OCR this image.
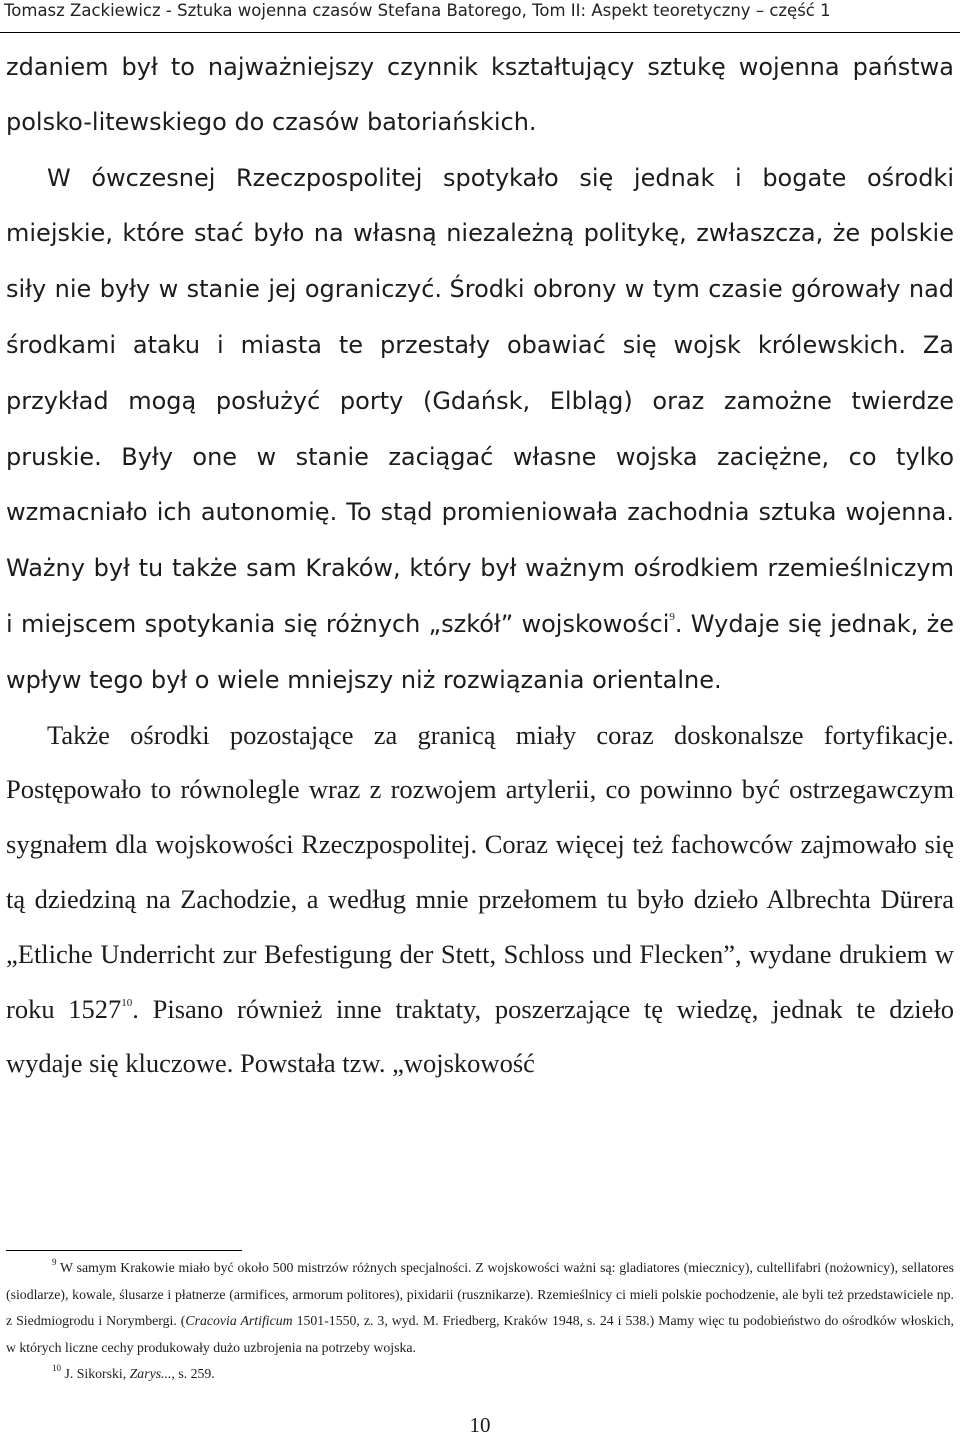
Tomasz Zackiewicz - Sztuka wojenna czasów Stefana Batorego, Tom II: Aspekt teoretyczny – część 1

zdaniem był to najważniejszy czynnik kształtujący sztukę wojenna państwa polsko-litewskiego do czasów batoriańskich.

W ówczesnej Rzeczpospolitej spotykało się jednak i bogate ośrodki miejskie, które stać było na własną niezależną politykę, zwłaszcza, że polskie siły nie były w stanie jej ograniczyć. Środki obrony w tym czasie górowały nad środkami ataku i miasta te przestały obawiać się wojsk królewskich. Za przykład mogą posłużyć porty (Gdańsk, Elbląg) oraz zamożne twierdze pruskie. Były one w stanie zaciągać własne wojska zaciężne, co tylko wzmacniało ich autonomię. To stąd promieniowała zachodnia sztuka wojenna. Ważny był tu także sam Kraków, który był ważnym ośrodkiem rzemieślniczym i miejscem spotykania się różnych „szkół” wojskowości$^9$. Wydaje się jednak, że wpływ tego był o wiele mniejszy niż rozwiązania orientalne.

Także ośrodki pozostające za granicą miały coraz doskonalsze fortyfikacje. Postępowało to równolegle wraz z rozwojem artylerii, co powinno być ostrzegawczym sygnałem dla wojskowości Rzeczpospolitej. Coraz więcej też fachowców zajmowało się tą dziedziną na Zachodzie, a według mnie przełomem tu było dzieło Albrechta Dürera „Etliche Underricht zur Befestigung der Stett, Schloss und Flecken”, wydane drukiem w roku 1527$^{10}$. Pisano również inne traktaty, poszerzające tę wiedzę, jednak te dzieło wydaje się kluczowe. Powstała tzw. „wojskowość

$^9$ W samym Krakowie miało być około 500 mistrzów różnych specjalności. Z wojskowości ważni są: gladiatores (miecznicy), cultellifabri (nożownicy), sellatores (siodlarze), kowale, ślusarze i płatnerze (armifices, armorum politores), pixidarii (rusznikarze). Rzemieślnicy ci mieli polskie pochodzenie, ale byli też przedstawiciele np. z Siedmiogrodu i Norymbergi. (Cracovia Artificum 1501-1550, z. 3, wyd. M. Friedberg, Kraków 1948, s. 24 i 538.) Mamy więc tu podobieństwo do ośrodków włoskich, w których liczne cechy produkowały dużo uzbrojenia na potrzeby wojska.

$^{10}$ J. Sikorski, Zarys..., s. 259.

10
